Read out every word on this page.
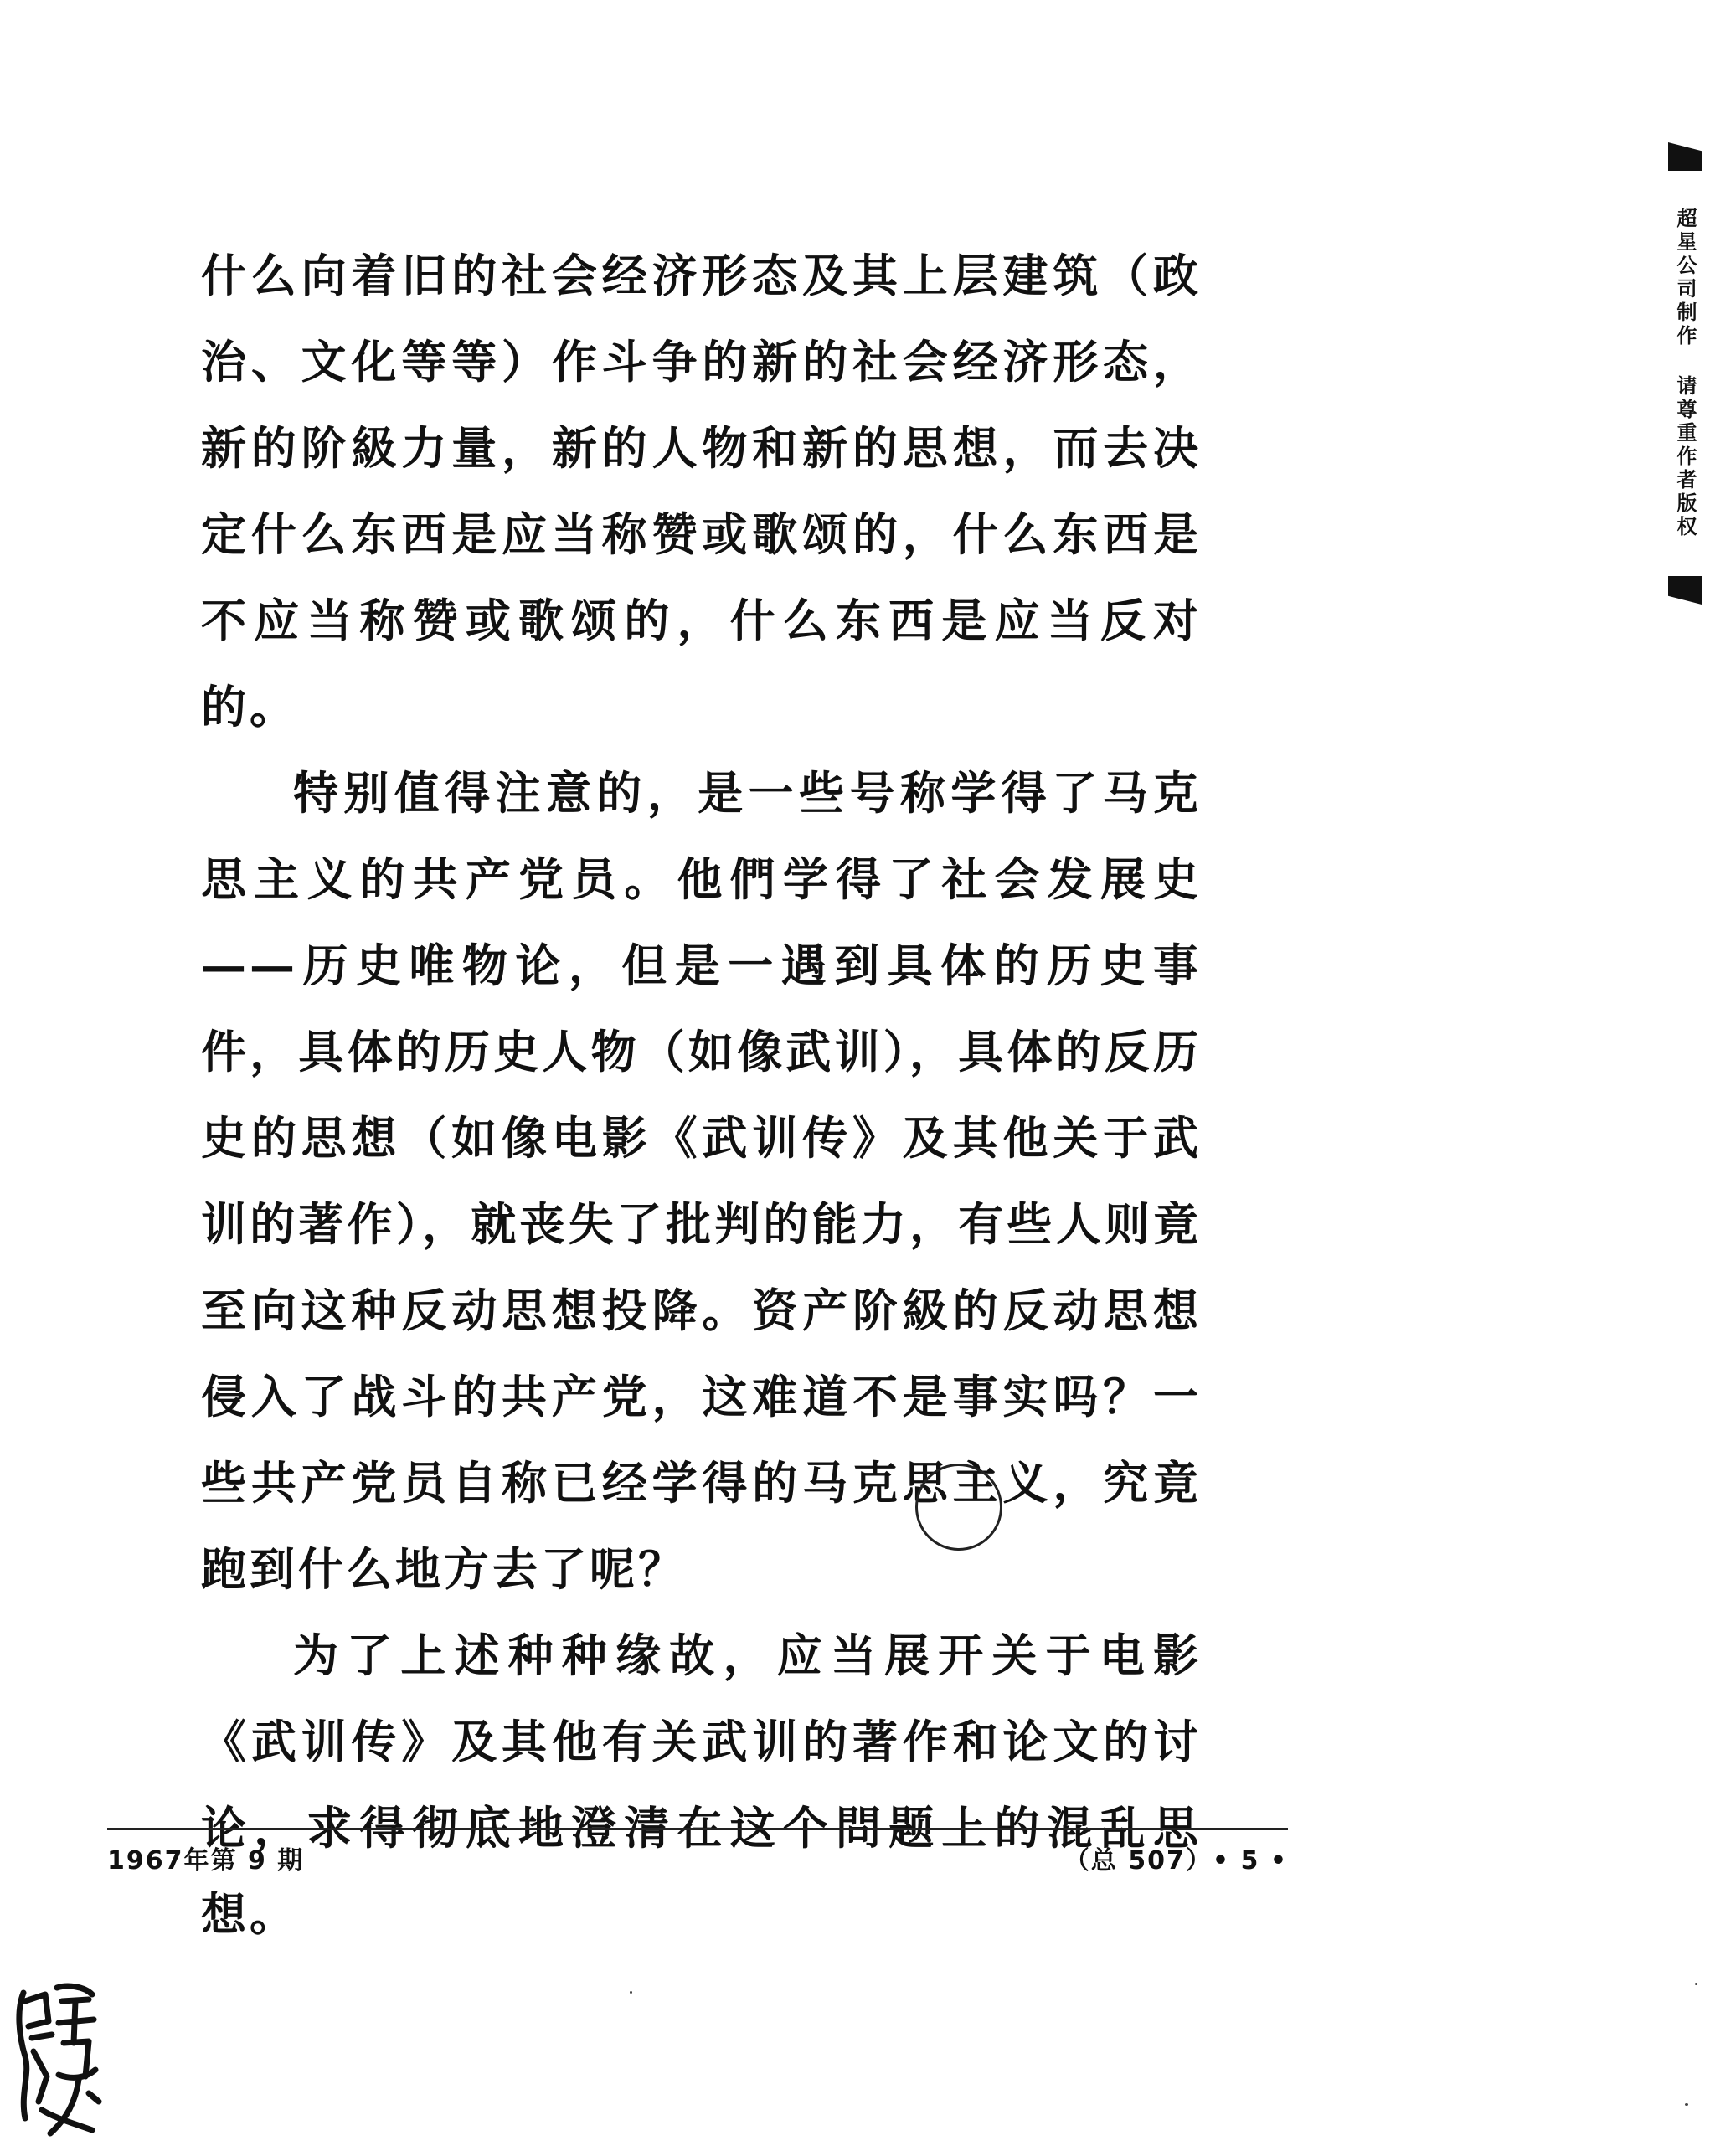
什么向着旧的社会经济形态及其上层建筑（政治、文化等等）作斗争的新的社会经济形态，新的阶級力量，新的人物和新的思想，而去决定什么东西是应当称赞或歌颂的，什么东西是不应当称赞或歌颂的，什么东西是应当反对的。

特别值得注意的，是一些号称学得了马克思主义的共产党员。他們学得了社会发展史——历史唯物论，但是一遇到具体的历史事件，具体的历史人物（如像武训），具体的反历史的思想（如像电影《武训传》及其他关于武训的著作），就丧失了批判的能力，有些人则竟至向这种反动思想投降。资产阶級的反动思想侵入了战斗的共产党，这难道不是事实吗？一些共产党员自称已经学得的马克思主义，究竟跑到什么地方去了呢？

为了上述种种缘故，应当展开关于电影《武训传》及其他有关武训的著作和论文的讨论，求得彻底地澄清在这个問题上的混乱思想。

1967年第 9 期	（总 507）• 5 •
超星公司制作 请尊重作者版权
